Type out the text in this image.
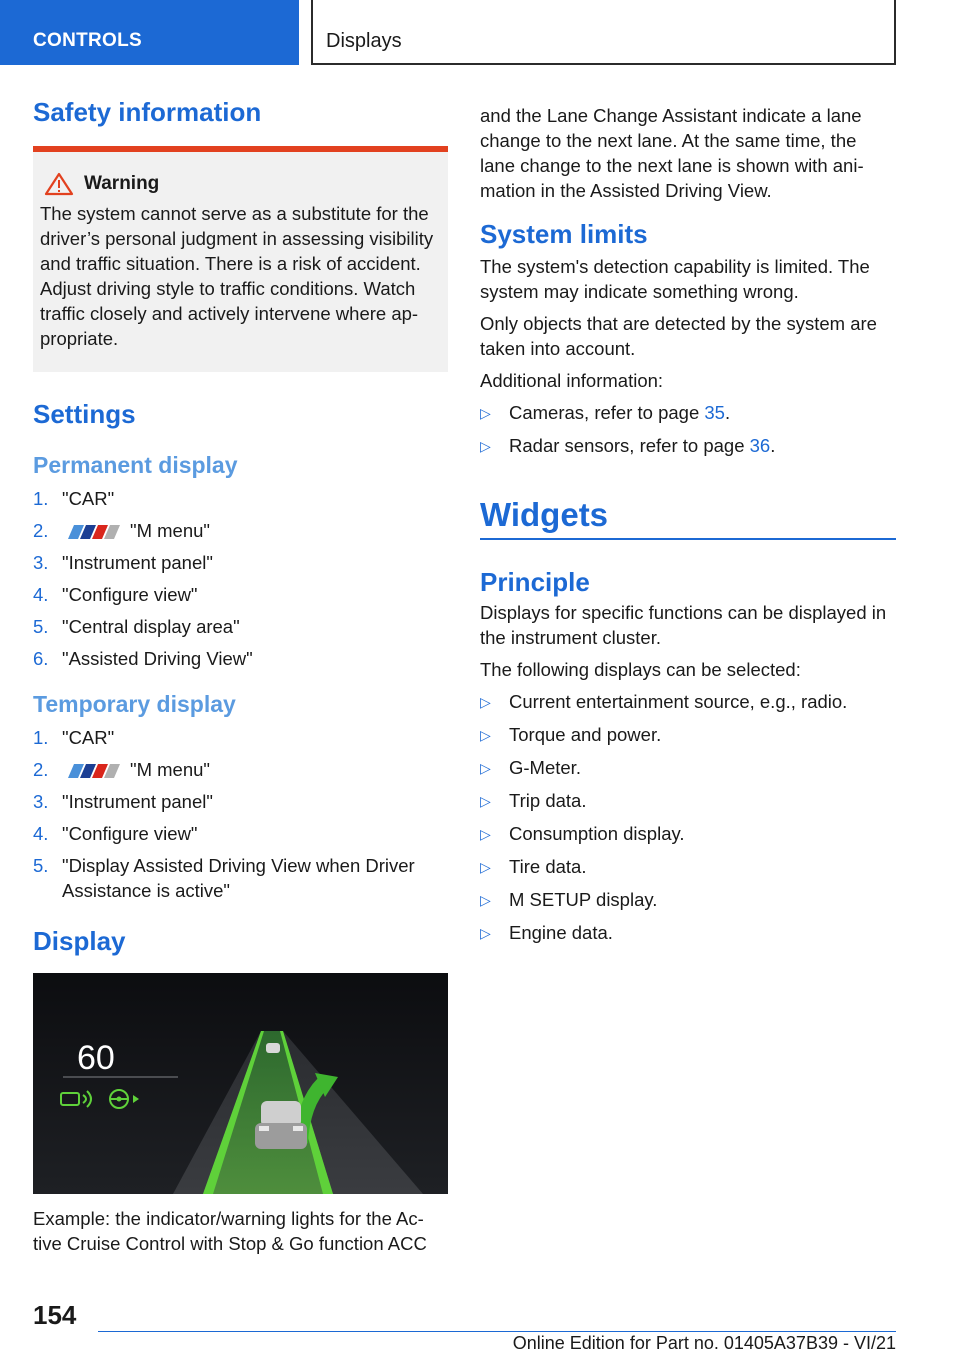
CONTROLS	Displays
Safety information
Warning
The system cannot serve as a substitute for the driver’s personal judgment in assessing visibility and traffic situation. There is a risk of accident. Adjust driving style to traffic conditions. Watch traffic closely and actively intervene where ap‐ propriate.
Settings
Permanent display
1. "CAR"
2.	"M menu"
3. "Instrument panel"
4. "Configure view"
5. "Central display area"
6. "Assisted Driving View"
Temporary display
1. "CAR"
2.	"M menu"
3. "Instrument panel"
4. "Configure view"
5. "Display Assisted Driving View when Driver Assistance is active"
Display
60
Example: the indicator/warning lights for the Ac‐ tive Cruise Control with Stop & Go function ACC
and the Lane Change Assistant indicate a lane change to the next lane. At the same time, the lane change to the next lane is shown with ani‐ mation in the Assisted Driving View.
System limits
The system's detection capability is limited. The system may indicate something wrong.
Only objects that are detected by the system are taken into account.
Additional information:
▷ Cameras, refer to page 35.
▷ Radar sensors, refer to page 36.
Widgets
Principle
Displays for specific functions can be displayed in the instrument cluster.
The following displays can be selected:
▷ Current entertainment source, e.g., radio.
▷ Torque and power.
▷ G-Meter.
▷ Trip data.
▷ Consumption display.
▷ Tire data.
▷ M SETUP display.
▷ Engine data.
154
Online Edition for Part no. 01405A37B39 - VI/21
